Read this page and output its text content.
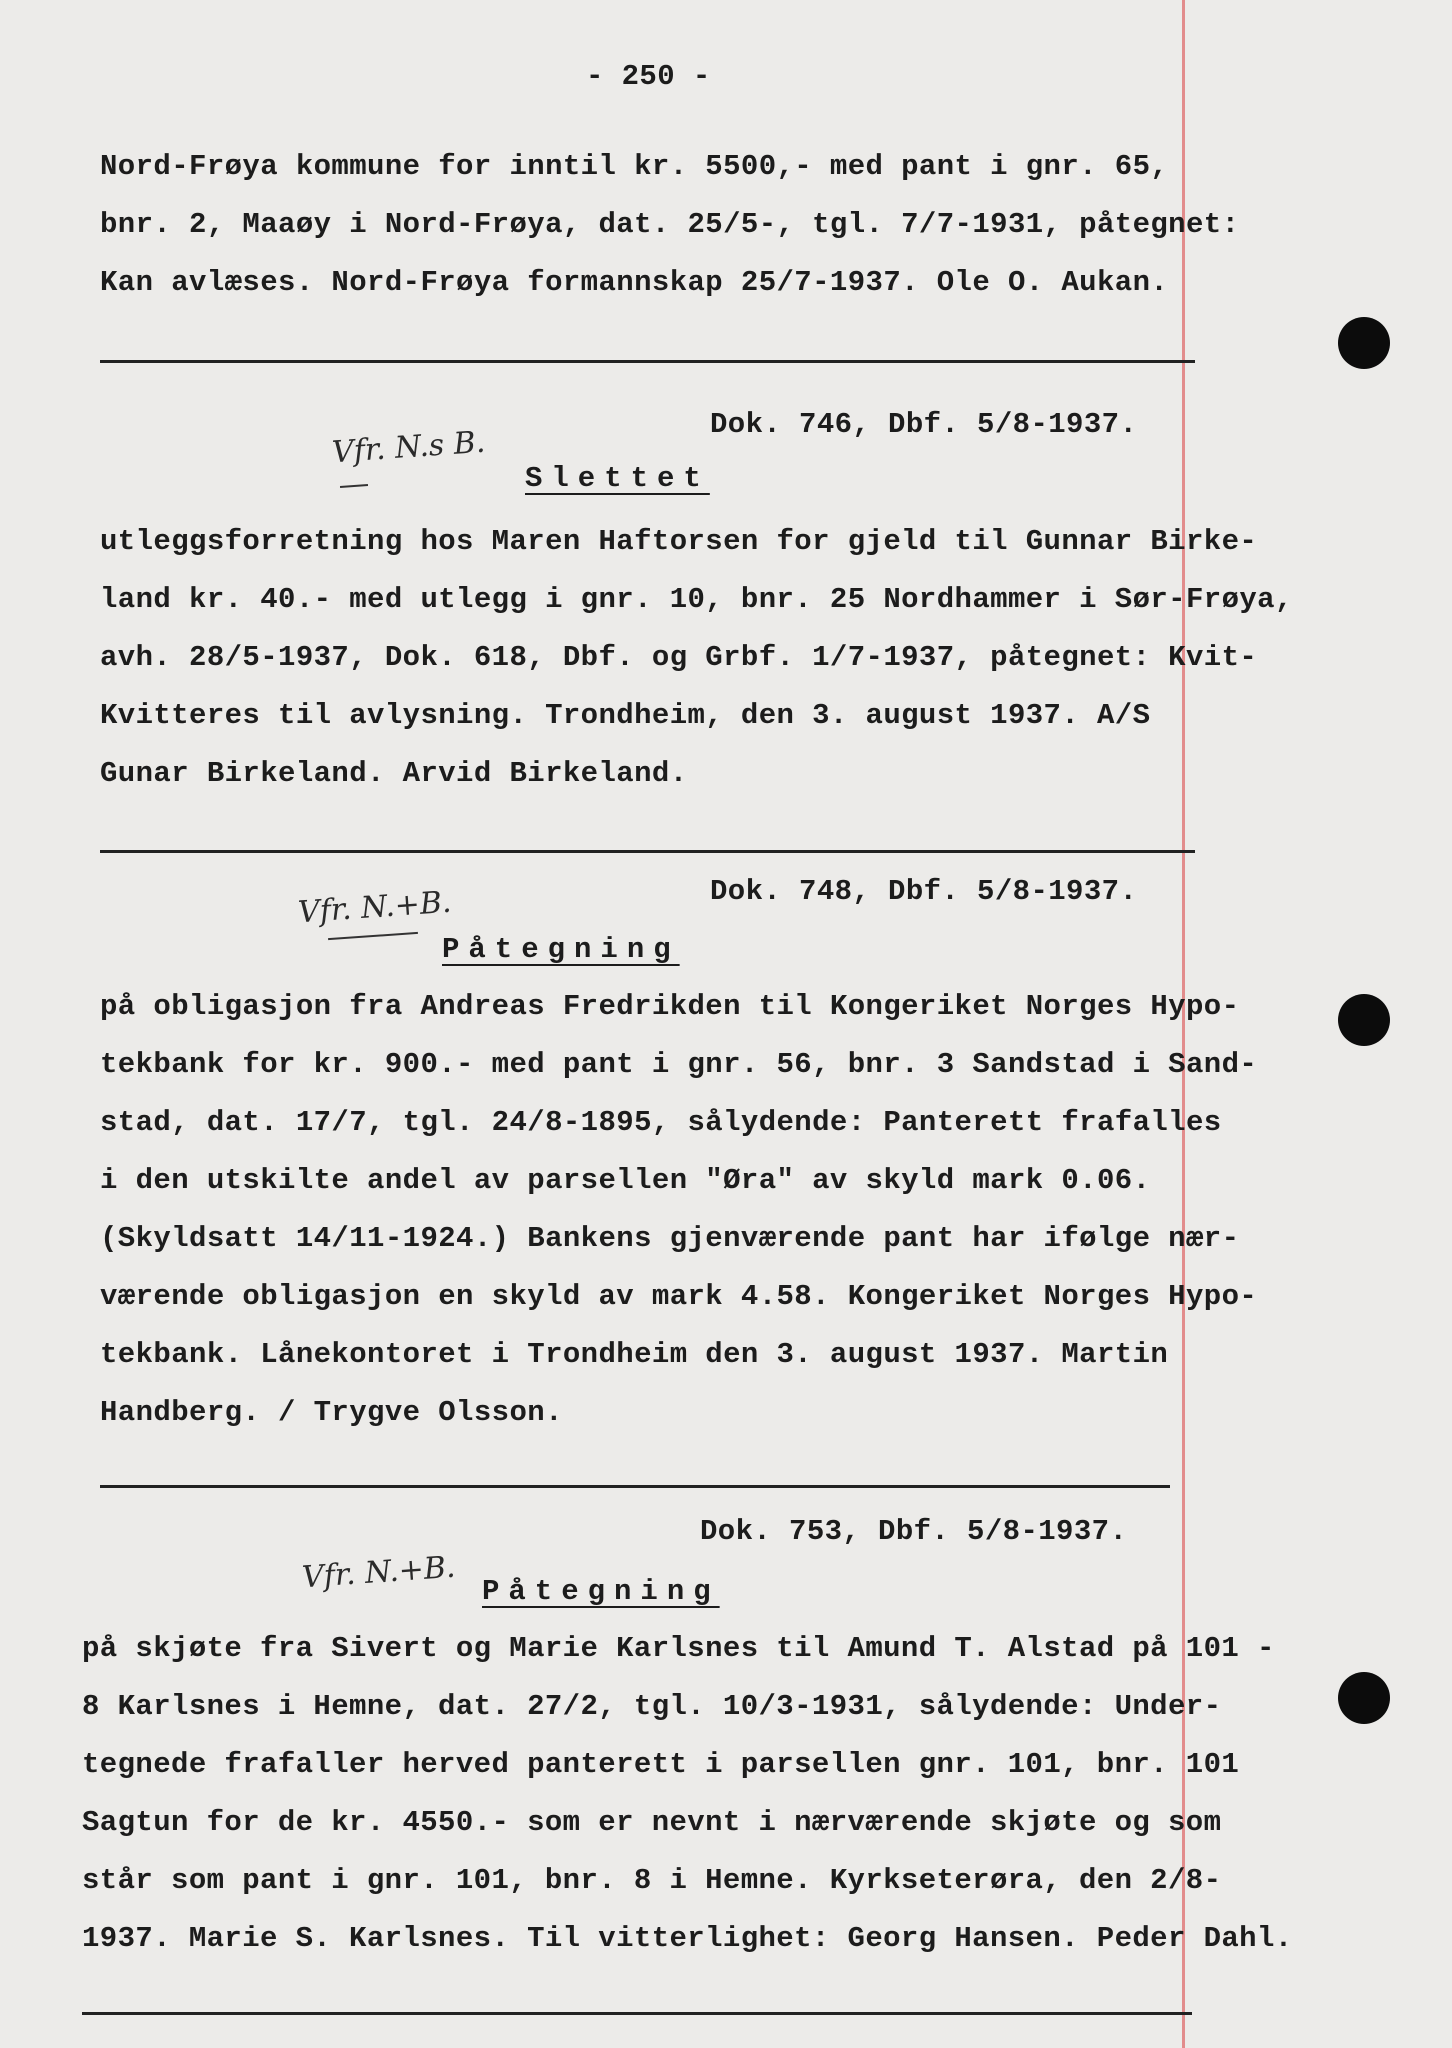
- 250 -
Nord-Frøya kommune for inntil kr. 5500,- med pant i gnr. 65,
bnr. 2, Maaøy i Nord-Frøya, dat. 25/5-, tgl. 7/7-1931, påtegnet:
Kan avlæses. Nord-Frøya formannskap 25/7-1937. Ole O. Aukan.
Vfr. N.s B.
Dok. 746, Dbf. 5/8-1937.
Slettet
utleggsforretning hos Maren Haftorsen for gjeld til Gunnar Birke-
land kr. 40.- med utlegg i gnr. 10, bnr. 25 Nordhammer i Sør-Frøya,
avh. 28/5-1937, Dok. 618, Dbf. og Grbf. 1/7-1937, påtegnet: Kvit-
Kvitteres til avlysning. Trondheim, den 3. august 1937. A/S
Gunar Birkeland. Arvid Birkeland.
Vfr. N.+B.	Dok. 748, Dbf. 5/8-1937.
Påtegning
på obligasjon fra Andreas Fredrikden til Kongeriket Norges Hypo-
tekbank for kr. 900.- med pant i gnr. 56, bnr. 3 Sandstad i Sand-
stad, dat. 17/7, tgl. 24/8-1895, sålydende: Panterett frafalles
i den utskilte andel av parsellen "Øra" av skyld mark 0.06.
(Skyldsatt 14/11-1924.) Bankens gjenværende pant har ifølge nær-
værende obligasjon en skyld av mark 4.58. Kongeriket Norges Hypo-
tekbank. Lånekontoret i Trondheim den 3. august 1937. Martin
Handberg. / Trygve Olsson.
Vfr. N.+B.
Dok. 753, Dbf. 5/8-1937.
Påtegning
på skjøte fra Sivert og Marie Karlsnes til Amund T. Alstad på 101 -
8 Karlsnes i Hemne, dat. 27/2, tgl. 10/3-1931, sålydende: Under-
tegnede frafaller herved panterett i parsellen gnr. 101, bnr. 101
Sagtun for de kr. 4550.- som er nevnt i nærværende skjøte og som
står som pant i gnr. 101, bnr. 8 i Hemne. Kyrkseterøra, den 2/8-
1937. Marie S. Karlsnes. Til vitterlighet: Georg Hansen. Peder Dahl.
